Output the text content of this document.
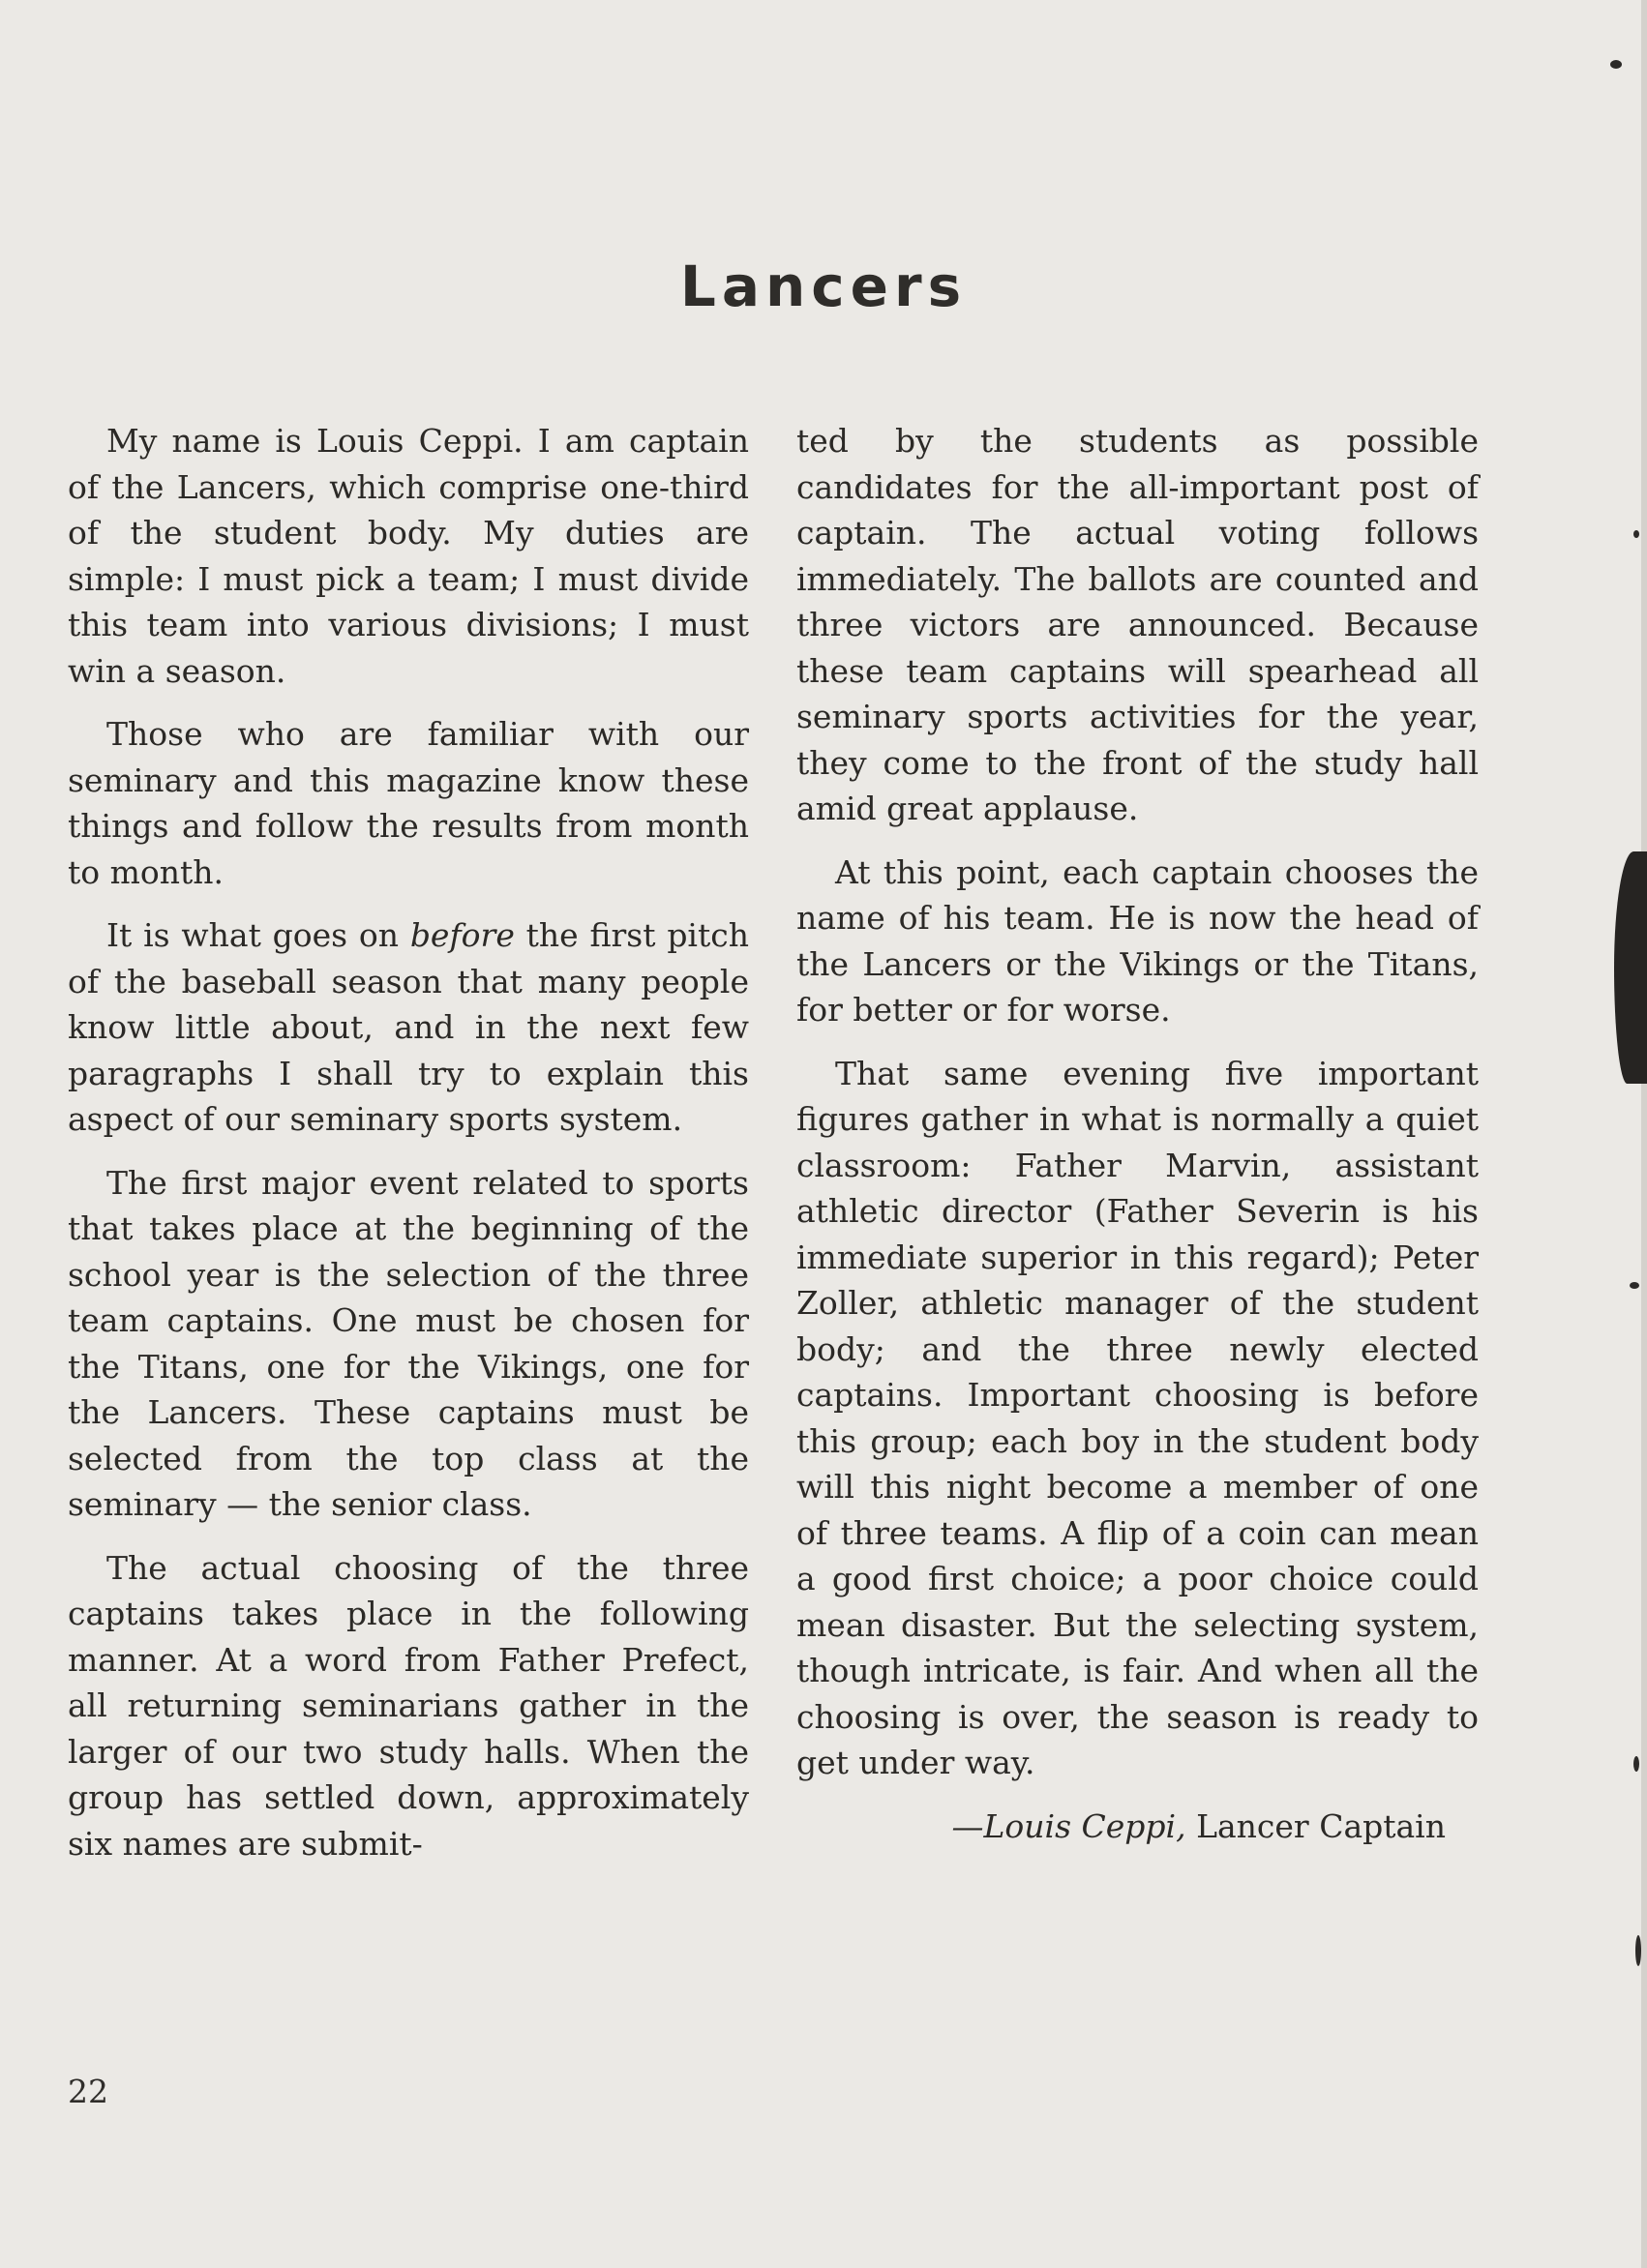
Lancers

My name is Louis Ceppi. I am captain of the Lancers, which comprise one-third of the student body. My duties are simple: I must pick a team; I must divide this team into various divisions; I must win a season.

Those who are familiar with our seminary and this magazine know these things and follow the results from month to month.

It is what goes on before the first pitch of the baseball season that many people know little about, and in the next few paragraphs I shall try to explain this aspect of our seminary sports system.

The first major event related to sports that takes place at the beginning of the school year is the selection of the three team captains. One must be chosen for the Titans, one for the Vikings, one for the Lancers. These captains must be selected from the top class at the seminary — the senior class.

The actual choosing of the three captains takes place in the following manner. At a word from Father Prefect, all returning seminarians gather in the larger of our two study halls. When the group has settled down, approximately six names are submit-

ted by the students as possible candidates for the all-important post of captain. The actual voting follows immediately. The ballots are counted and three victors are announced. Because these team captains will spearhead all seminary sports activities for the year, they come to the front of the study hall amid great applause.

At this point, each captain chooses the name of his team. He is now the head of the Lancers or the Vikings or the Titans, for better or for worse.

That same evening five important figures gather in what is normally a quiet classroom: Father Marvin, assistant athletic director (Father Severin is his immediate superior in this regard); Peter Zoller, athletic manager of the student body; and the three newly elected captains. Important choosing is before this group; each boy in the student body will this night become a member of one of three teams. A flip of a coin can mean a good first choice; a poor choice could mean disaster. But the selecting system, though intricate, is fair. And when all the choosing is over, the season is ready to get under way.

—Louis Ceppi, Lancer Captain

22
